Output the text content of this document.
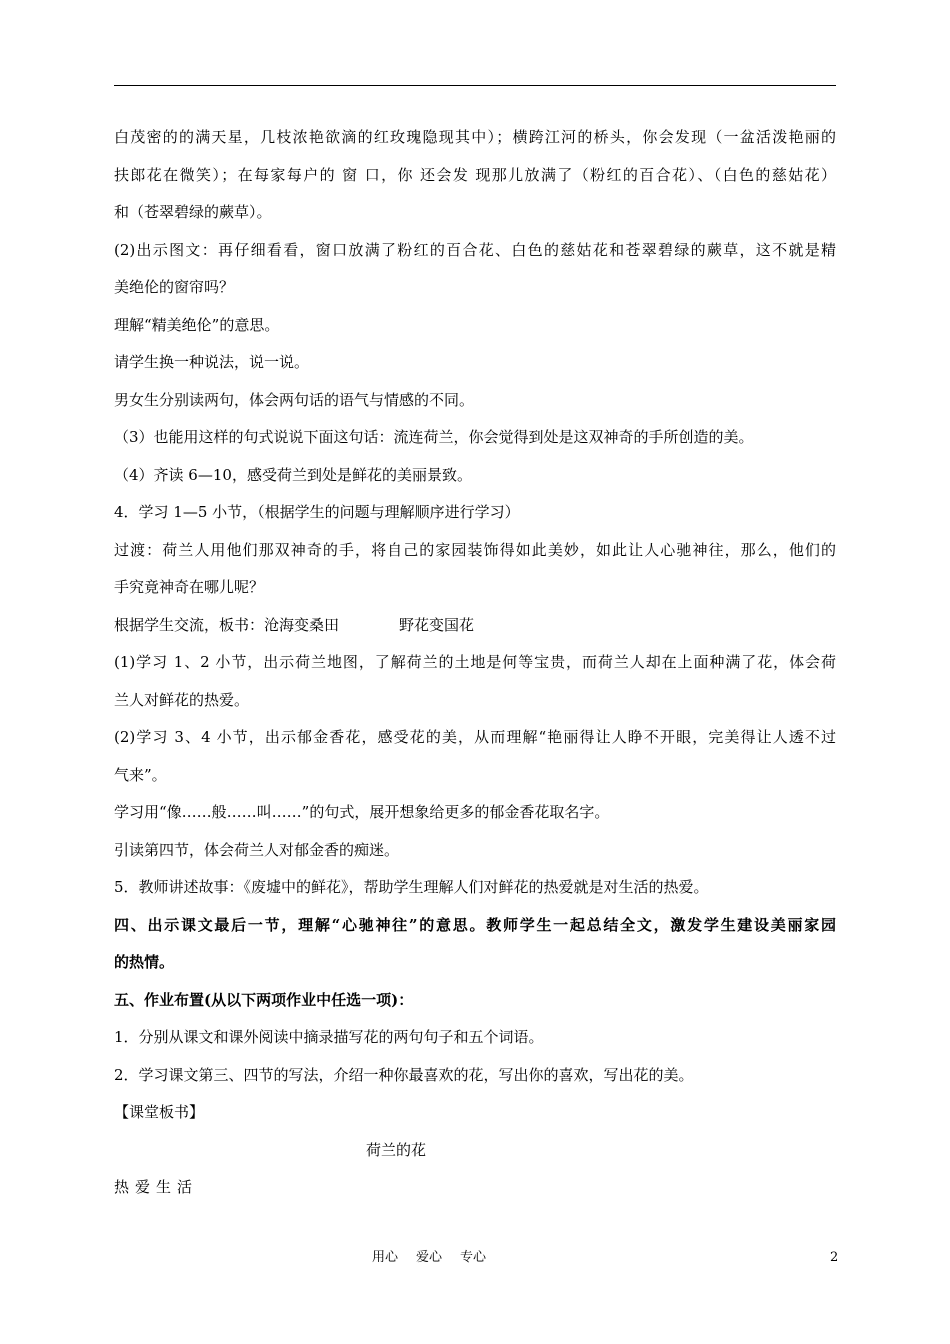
白茂密的的满天星，几枝浓艳欲滴的红玫瑰隐现其中）；横跨江河的桥头，你会发现（一盆活泼艳丽的
扶郎花在微笑）；在每家每户的 窗 口，你 还会发 现那儿放满了（粉红的百合花）、（白色的慈姑花）
和（苍翠碧绿的蕨草）。
(2)出示图文：再仔细看看，窗口放满了粉红的百合花、白色的慈姑花和苍翠碧绿的蕨草，这不就是精
美绝伦的窗帘吗？
理解“精美绝伦”的意思。
请学生换一种说法，说一说。
男女生分别读两句，体会两句话的语气与情感的不同。
（3）也能用这样的句式说说下面这句话：流连荷兰，你会觉得到处是这双神奇的手所创造的美。
（4）齐读 6—10，感受荷兰到处是鲜花的美丽景致。
4．学习 1—5 小节，（根据学生的问题与理解顺序进行学习）
过渡：荷兰人用他们那双神奇的手，将自己的家园装饰得如此美妙，如此让人心驰神往，那么，他们的
手究竟神奇在哪儿呢？
根据学生交流，板书：沧海变桑田	野花变国花
(1)学习 1、2 小节，出示荷兰地图，了解荷兰的土地是何等宝贵，而荷兰人却在上面种满了花，体会荷
兰人对鲜花的热爱。
(2)学习 3、4 小节，出示郁金香花，感受花的美，从而理解“艳丽得让人睁不开眼，完美得让人透不过
气来”。
学习用“像……般……叫……”的句式，展开想象给更多的郁金香花取名字。
引读第四节，体会荷兰人对郁金香的痴迷。
5．教师讲述故事：《废墟中的鲜花》，帮助学生理解人们对鲜花的热爱就是对生活的热爱。
四、出示课文最后一节，理解“心驰神往”的意思。教师学生一起总结全文，激发学生建设美丽家园
的热情。
五、作业布置(从以下两项作业中任选一项)：
1．分别从课文和课外阅读中摘录描写花的两句句子和五个词语。
2．学习课文第三、四节的写法，介绍一种你最喜欢的花，写出你的喜欢，写出花的美。
【课堂板书】
荷兰的花
热爱生活
用心 爱心 专心	2
